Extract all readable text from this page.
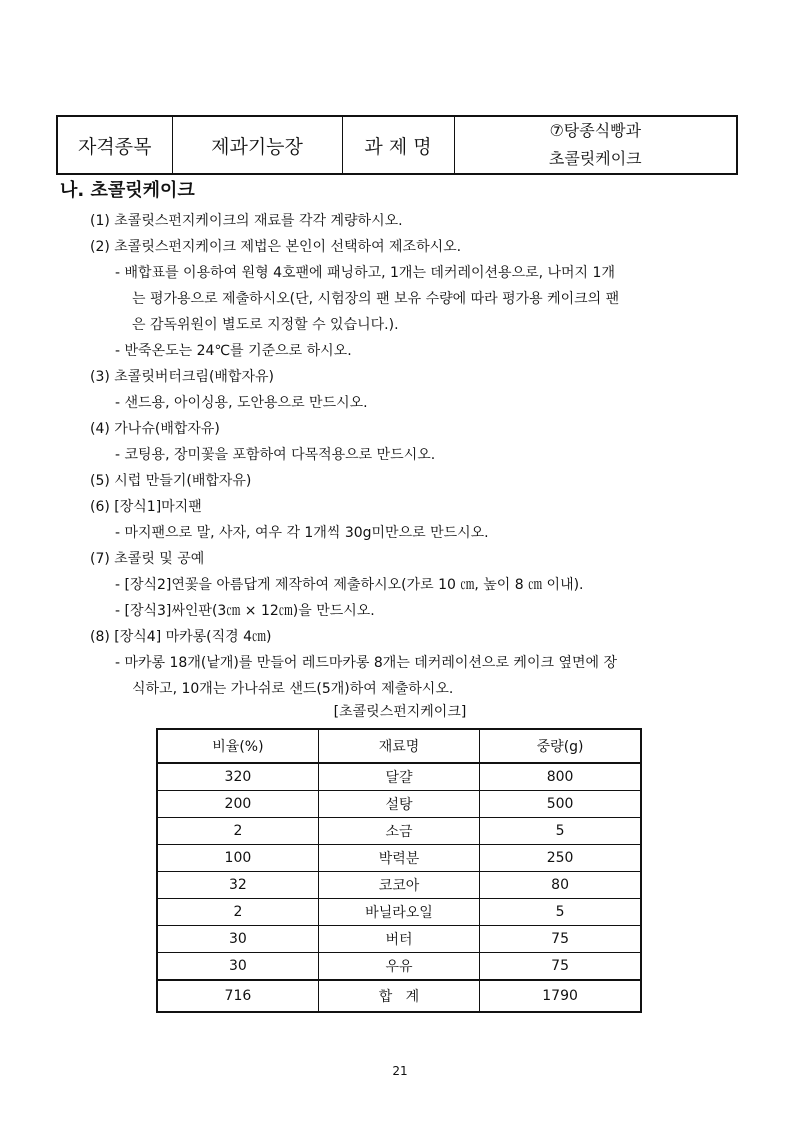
자격종목	제과기능장	과 제 명	
⑦탕종식빵과
초콜릿케이크
나. 초콜릿케이크
(1) 초콜릿스펀지케이크의 재료를 각각 계량하시오.
(2) 초콜릿스펀지케이크 제법은 본인이 선택하여 제조하시오.
- 배합표를 이용하여 원형 4호팬에 패닝하고, 1개는 데커레이션용으로, 나머지 1개
는 평가용으로 제출하시오(단, 시험장의 팬 보유 수량에 따라 평가용 케이크의 팬
은 감독위원이 별도로 지정할 수 있습니다.).
- 반죽온도는 24℃를 기준으로 하시오.
(3) 초콜릿버터크림(배합자유)
- 샌드용, 아이싱용, 도안용으로 만드시오.
(4) 가나슈(배합자유)
- 코팅용, 장미꽃을 포함하여 다목적용으로 만드시오.
(5) 시럽 만들기(배합자유)
(6) [장식1]마지팬
- 마지팬으로 말, 사자, 여우 각 1개씩 30g미만으로 만드시오.
(7) 초콜릿 및 공예
- [장식2]연꽃을 아름답게 제작하여 제출하시오(가로 10 ㎝, 높이 8 ㎝ 이내).
- [장식3]싸인판(3㎝ × 12㎝)을 만드시오.
(8) [장식4] 마카롱(직경 4㎝)
- 마카롱 18개(낱개)를 만들어 레드마카롱 8개는 데커레이션으로 케이크 옆면에 장
식하고, 10개는 가나쉬로 샌드(5개)하여 제출하시오.
[초콜릿스펀지케이크]
비율(%)	재료명	중량(g)
320	달걀	800
200	설탕	500
2	소금	5
100	박력분	250
32	코코아	80
2	바닐라오일	5
30	버터	75
30	우유	75
716	합   계	1790
21
